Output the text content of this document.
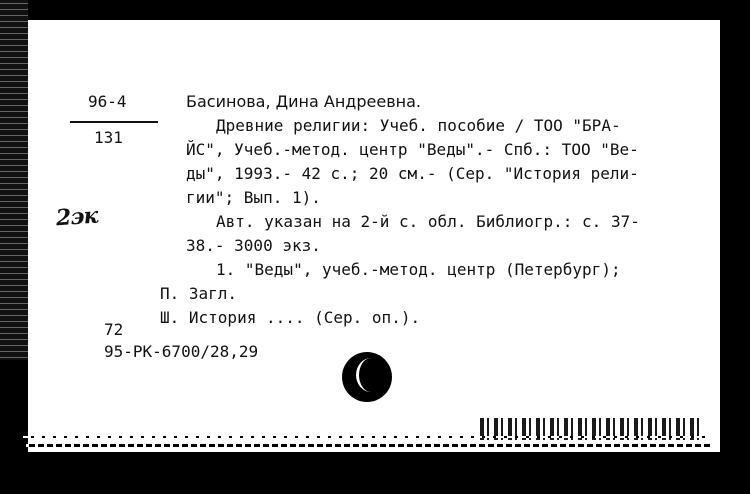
96-4
131
2эк
Басинова, Дина Андреевна.
Древние религии: Учеб. пособие / ТОО "БРА-
ЙС", Учеб.-метод. центр "Веды".- Спб.: ТОО "Ве-
ды", 1993.- 42 с.; 20 см.- (Сер. "История рели-
гии"; Вып. 1).
Авт. указан на 2-й с. обл. Библиогр.: с. 37-
38.- 3000 экз.
1. "Веды", учеб.-метод. центр (Петербург);
П. Загл.
Ш. История .... (Сер. оп.).
72
95-РК-6700/28,29
